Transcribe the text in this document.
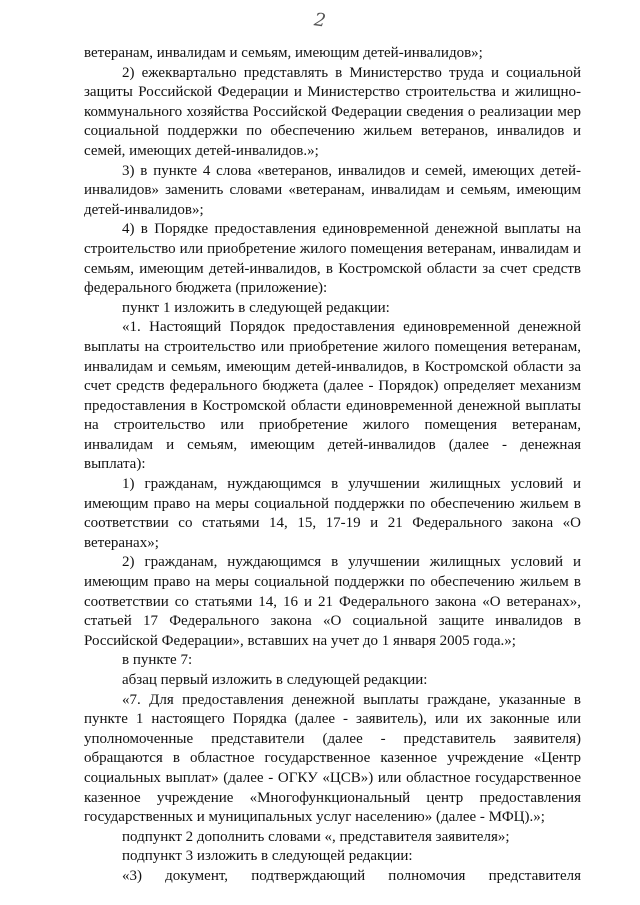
2

ветеранам, инвалидам и семьям, имеющим детей-инвалидов»;

2) ежеквартально представлять в Министерство труда и социальной защиты Российской Федерации и Министерство строительства и жилищно-коммунального хозяйства Российской Федерации сведения о реализации мер социальной поддержки по обеспечению жильем ветеранов, инвалидов и семей, имеющих детей-инвалидов.»;

3) в пункте 4 слова «ветеранов, инвалидов и семей, имеющих детей-инвалидов» заменить словами «ветеранам, инвалидам и семьям, имеющим детей-инвалидов»;

4) в Порядке предоставления единовременной денежной выплаты на строительство или приобретение жилого помещения ветеранам, инвалидам и семьям, имеющим детей-инвалидов, в Костромской области за счет средств федерального бюджета (приложение):

пункт 1 изложить в следующей редакции:

«1. Настоящий Порядок предоставления единовременной денежной выплаты на строительство или приобретение жилого помещения ветеранам, инвалидам и семьям, имеющим детей-инвалидов, в Костромской области за счет средств федерального бюджета (далее - Порядок) определяет механизм предоставления в Костромской области единовременной денежной выплаты на строительство или приобретение жилого помещения ветеранам, инвалидам и семьям, имеющим детей-инвалидов (далее - денежная выплата):

1) гражданам, нуждающимся в улучшении жилищных условий и имеющим право на меры социальной поддержки по обеспечению жильем в соответствии со статьями 14, 15, 17-19 и 21 Федерального закона «О ветеранах»;

2) гражданам, нуждающимся в улучшении жилищных условий и имеющим право на меры социальной поддержки по обеспечению жильем в соответствии со статьями 14, 16 и 21 Федерального закона «О ветеранах», статьей 17 Федерального закона «О социальной защите инвалидов в Российской Федерации», вставших на учет до 1 января 2005 года.»;

в пункте 7:

абзац первый изложить в следующей редакции:

«7. Для предоставления денежной выплаты граждане, указанные в пункте 1 настоящего Порядка (далее - заявитель), или их законные или уполномоченные представители (далее - представитель заявителя) обращаются в областное государственное казенное учреждение «Центр социальных выплат» (далее - ОГКУ «ЦСВ») или областное государственное казенное учреждение «Многофункциональный центр предоставления государственных и муниципальных услуг населению» (далее - МФЦ).»;

подпункт 2 дополнить словами «, представителя заявителя»;

подпункт 3 изложить в следующей редакции:

«3) документ, подтверждающий полномочия представителя
